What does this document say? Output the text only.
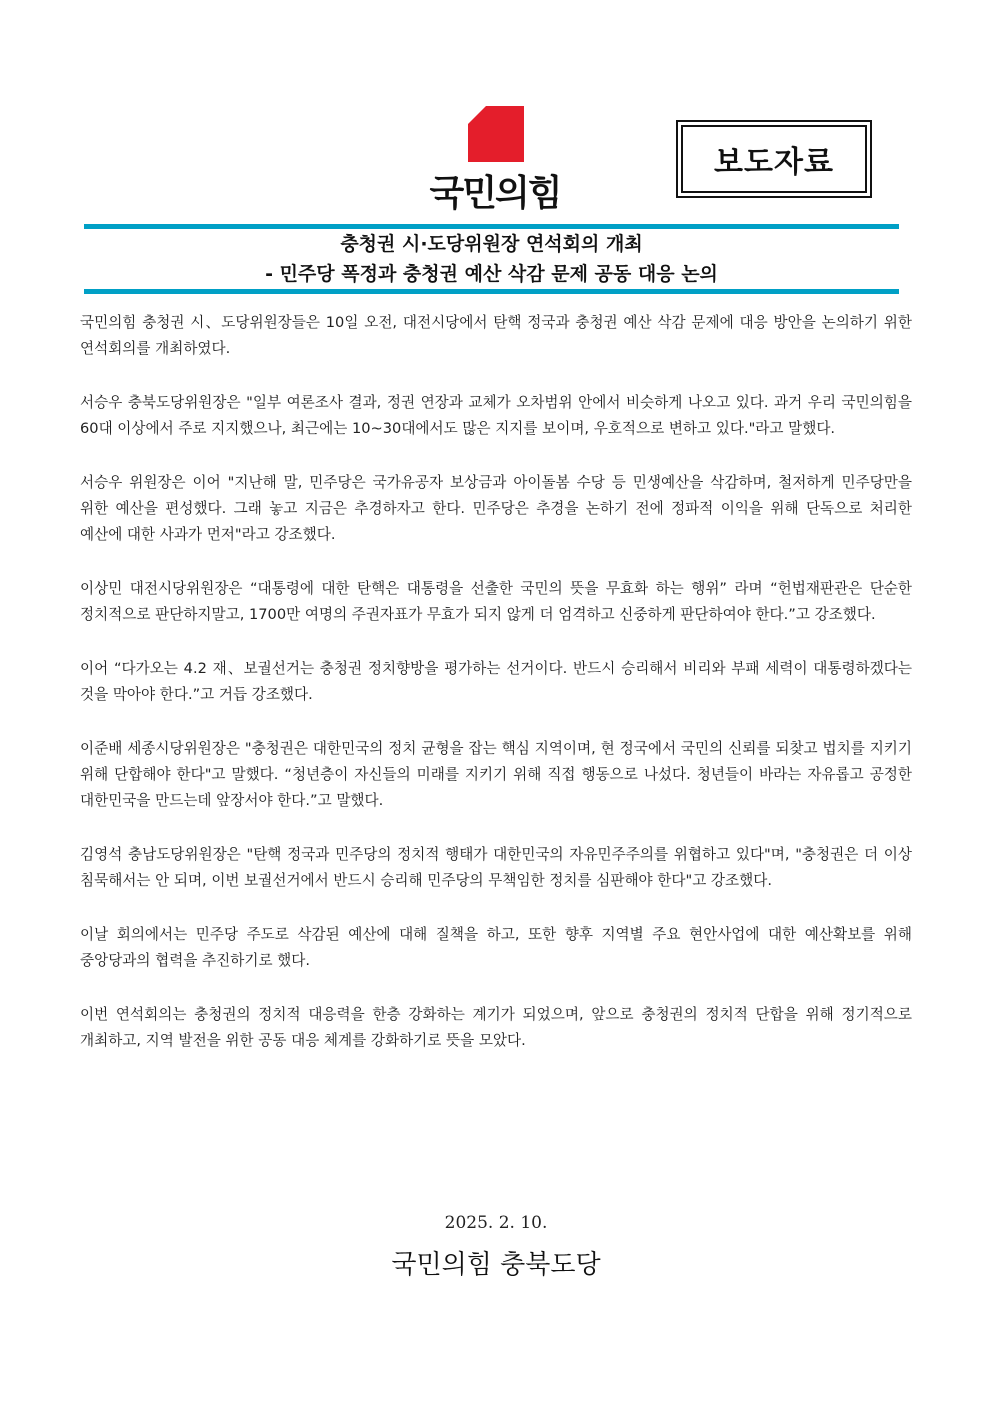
국민의힘
보도자료
충청권 시·도당위원장 연석회의 개최
- 민주당 폭정과 충청권 예산 삭감 문제 공동 대응 논의

국민의힘 충청권 시、도당위원장들은 10일 오전, 대전시당에서 탄핵 정국과 충청권 예산 삭감 문제에 대응 방안을 논의하기 위한 연석회의를 개최하였다.

서승우 충북도당위원장은 "일부 여론조사 결과, 정권 연장과 교체가 오차범위 안에서 비슷하게 나오고 있다. 과거 우리 국민의힘을 60대 이상에서 주로 지지했으나, 최근에는 10~30대에서도 많은 지지를 보이며, 우호적으로 변하고 있다."라고 말했다.

서승우 위원장은 이어 "지난해 말, 민주당은 국가유공자 보상금과 아이돌봄 수당 등 민생예산을 삭감하며, 철저하게 민주당만을 위한 예산을 편성했다. 그래 놓고 지금은 추경하자고 한다. 민주당은 추경을 논하기 전에 정파적 이익을 위해 단독으로 처리한 예산에 대한 사과가 먼저"라고 강조했다.

이상민 대전시당위원장은 “대통령에 대한 탄핵은 대통령을 선출한 국민의 뜻을 무효화 하는 행위” 라며 “헌법재판관은 단순한 정치적으로 판단하지말고, 1700만 여명의 주권자표가 무효가 되지 않게 더 엄격하고 신중하게 판단하여야 한다.”고 강조했다.

이어 “다가오는 4.2 재、보궐선거는 충청권 정치향방을 평가하는 선거이다. 반드시 승리해서 비리와 부패 세력이 대통령하겠다는 것을 막아야 한다.”고 거듭 강조했다.

이준배 세종시당위원장은 "충청권은 대한민국의 정치 균형을 잡는 핵심 지역이며, 현 정국에서 국민의 신뢰를 되찾고 법치를 지키기 위해 단합해야 한다"고 말했다. “청년층이 자신들의 미래를 지키기 위해 직접 행동으로 나섰다. 청년들이 바라는 자유롭고 공정한 대한민국을 만드는데 앞장서야 한다.”고 말했다.

김영석 충남도당위원장은 "탄핵 정국과 민주당의 정치적 행태가 대한민국의 자유민주주의를 위협하고 있다"며, "충청권은 더 이상 침묵해서는 안 되며, 이번 보궐선거에서 반드시 승리해 민주당의 무책임한 정치를 심판해야 한다"고 강조했다.

이날 회의에서는 민주당 주도로 삭감된 예산에 대해 질책을 하고, 또한 향후 지역별 주요 현안사업에 대한 예산확보를 위해 중앙당과의 협력을 추진하기로 했다.

이번 연석회의는 충청권의 정치적 대응력을 한층 강화하는 계기가 되었으며, 앞으로 충청권의 정치적 단합을 위해 정기적으로 개최하고, 지역 발전을 위한 공동 대응 체계를 강화하기로 뜻을 모았다.

2025. 2. 10.
국민의힘 충북도당
